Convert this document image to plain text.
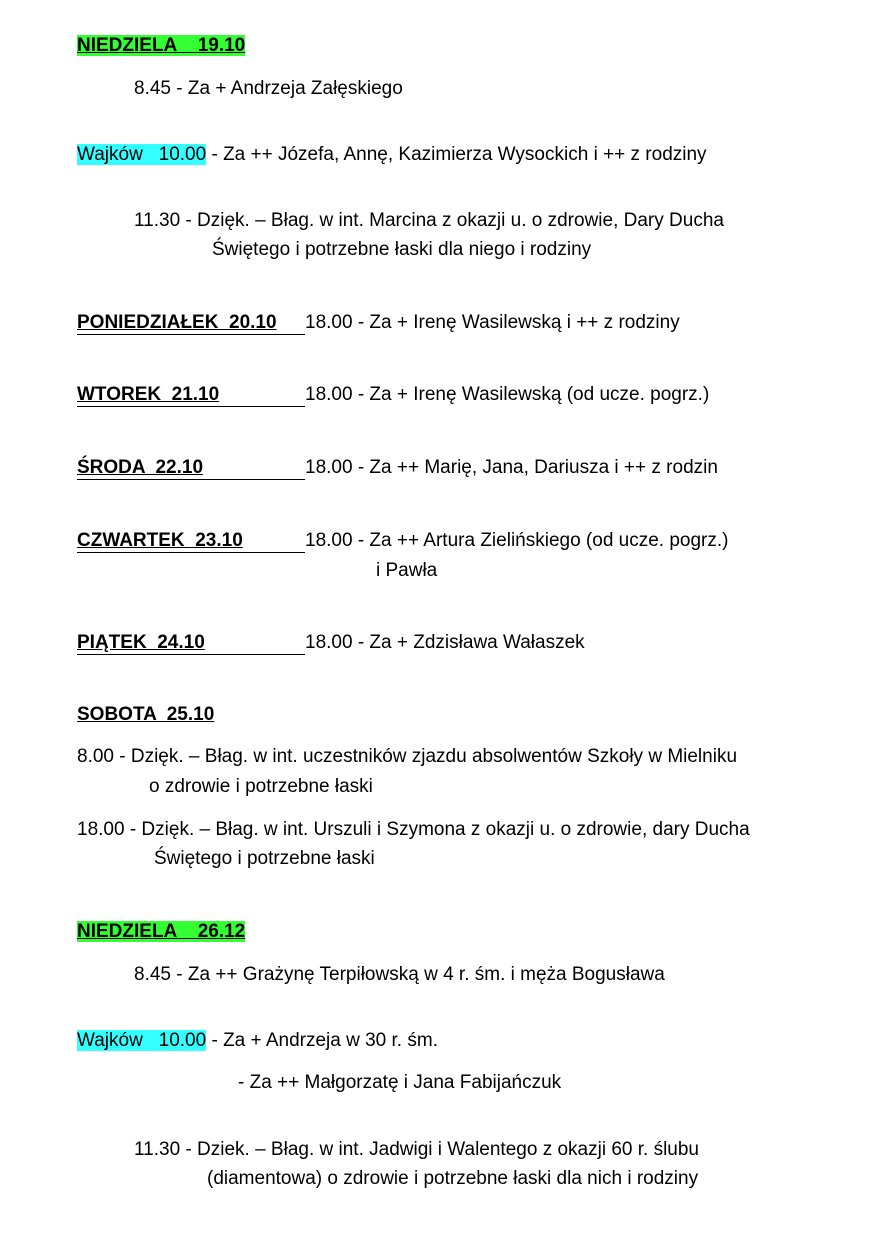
NIEDZIELA    19.10
8.45 - Za + Andrzeja Załęskiego
Wajków   10.00 - Za ++ Józefa, Annę, Kazimierza Wysockich i ++ z rodziny
11.30 - Dzięk. – Błag. w int. Marcina z okazji u. o zdrowie, Dary Ducha
Świętego i potrzebne łaski dla niego i rodziny
PONIEDZIAŁEK  20.10 18.00 - Za + Irenę Wasilewską i ++ z rodziny
WTOREK  21.10	18.00 - Za + Irenę Wasilewską (od ucze. pogrz.)
ŚRODA  22.10	18.00 - Za ++ Marię, Jana, Dariusza i ++ z rodzin
CZWARTEK  23.10	18.00 - Za ++ Artura Zielińskiego (od ucze. pogrz.)
i Pawła
PIĄTEK  24.10	18.00 - Za + Zdzisława Wałaszek
SOBOTA  25.10
8.00 - Dzięk. – Błag. w int. uczestników zjazdu absolwentów Szkoły w Mielniku
o zdrowie i potrzebne łaski
18.00 - Dzięk. – Błag. w int. Urszuli i Szymona z okazji u. o zdrowie, dary Ducha
Świętego i potrzebne łaski
NIEDZIELA    26.12
8.45 - Za ++ Grażynę Terpiłowską w 4 r. śm. i męża Bogusława
Wajków   10.00 - Za + Andrzeja w 30 r. śm.
- Za ++ Małgorzatę i Jana Fabijańczuk
11.30 - Dziek. – Błag. w int. Jadwigi i Walentego z okazji 60 r. ślubu
(diamentowa) o zdrowie i potrzebne łaski dla nich i rodziny
